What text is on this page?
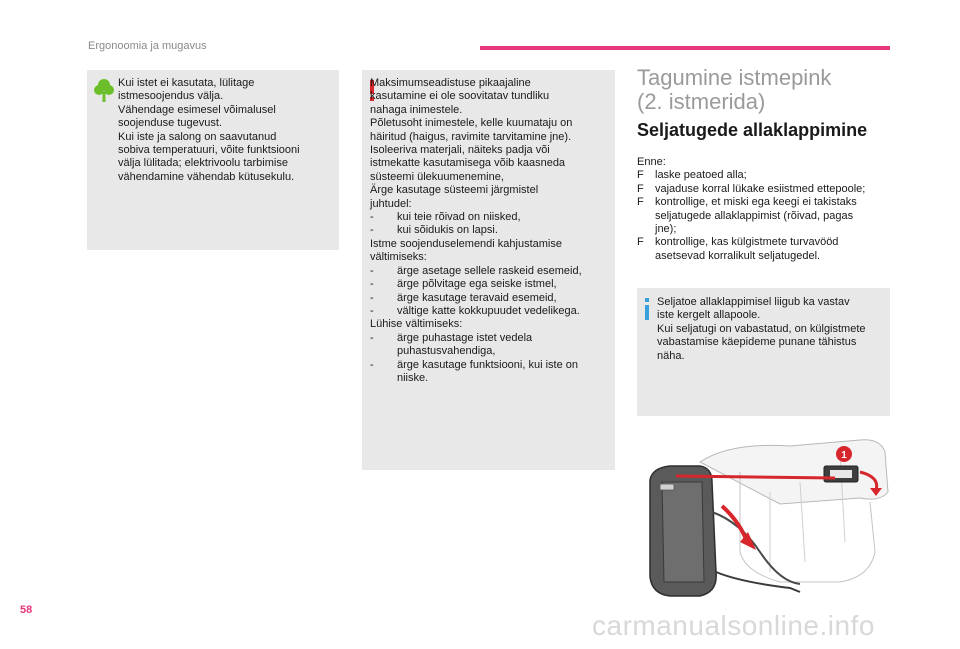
Ergonoomia ja mugavus

Kui istet ei kasutata, lülitage

istmesoojendus välja.

Vähendage esimesel võimalusel

soojenduse tugevust.

Kui iste ja salong on saavutanud

sobiva temperatuuri, võite funktsiooni

välja lülitada; elektrivoolu tarbimise

vähendamine vähendab kütusekulu.

Maksimumseadistuse pikaajaline

kasutamine ei ole soovitatav tundliku

nahaga inimestele.

Põletusoht inimestele, kelle kuumataju on

häiritud (haigus, ravimite tarvitamine jne).

Isoleeriva materjali, näiteks padja või

istmekatte kasutamisega võib kaasneda

süsteemi ülekuumenemine,

Ärge kasutage süsteemi järgmistel

juhtudel:

- kui teie rõivad on niisked,

- kui sõidukis on lapsi.

Istme soojenduselemendi kahjustamise

vältimiseks:

- ärge asetage sellele raskeid esemeid,

- ärge põlvitage ega seiske istmel,

- ärge kasutage teravaid esemeid,

- vältige katte kokkupuudet vedelikega.

Lühise vältimiseks:

- ärge puhastage istet vedela

puhastusvahendiga,

- ärge kasutage funktsiooni, kui iste on

niiske.

Tagumine istmepink
(2. istmerida)
Seljatugede allaklappimine

Enne:

F laske peatoed alla;

F vajaduse korral lükake esiistmed ettepoole;

F kontrollige, et miski ega keegi ei takistaks

seljatugede allaklappimist (rõivad, pagas

jne);

F kontrollige, kas külgistmete turvavööd

asetsevad korralikult seljatugedel.

Seljatoe allaklappimisel liigub ka vastav

iste kergelt allapoole.

Kui seljatugi on vabastatud, on külgistmete

vabastamise käepideme punane tähistus

näha.

1
58	carmanualsonline.info
